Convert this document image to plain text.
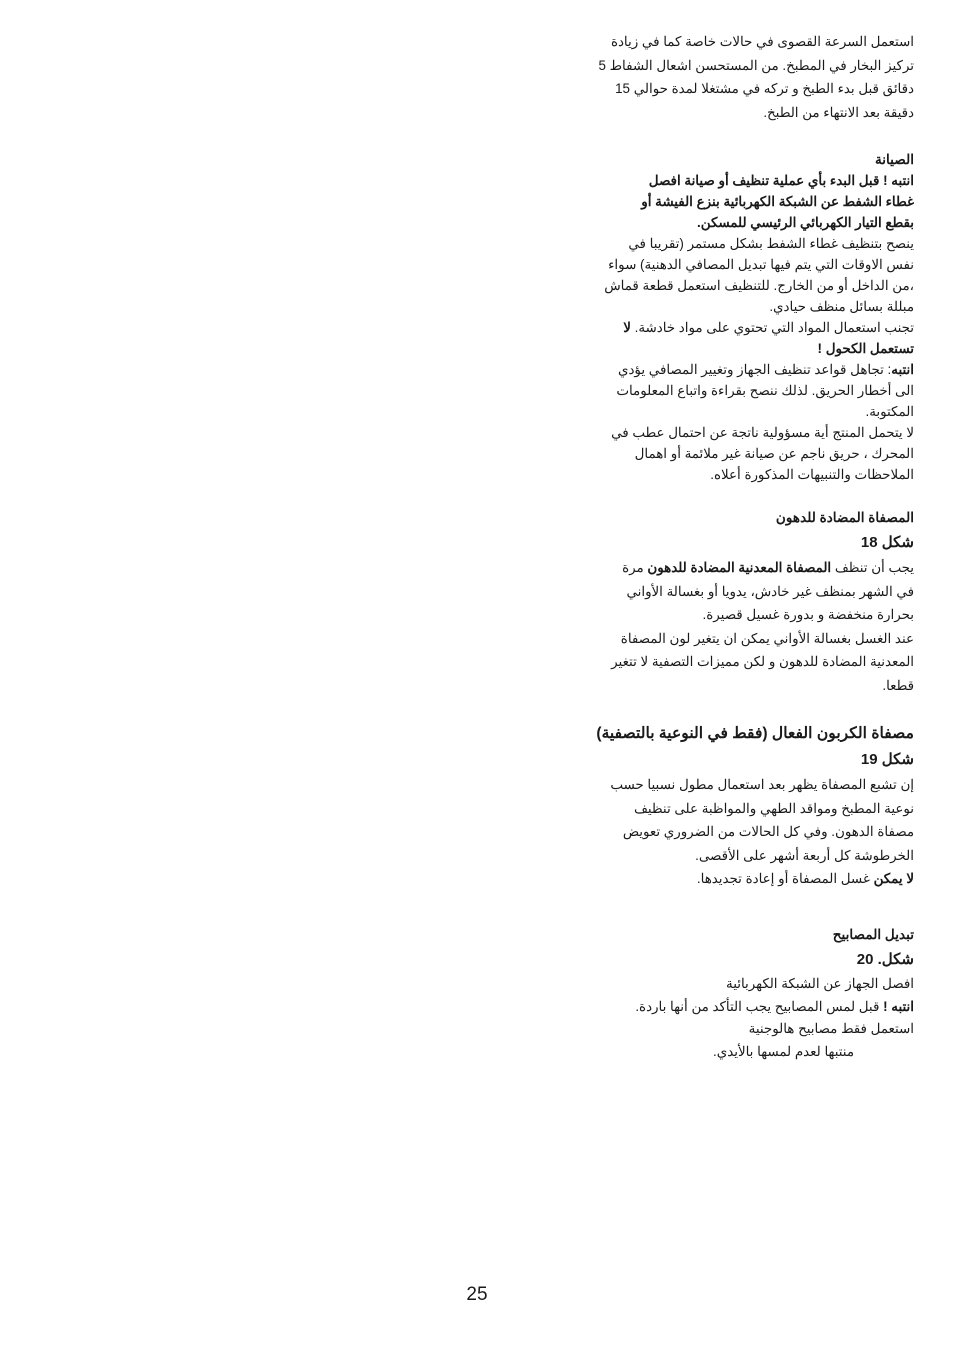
استعمل السرعة القصوى في حالات خاصة كما في زيادة

تركيز البخار في المطبخ. من المستحسن اشعال الشفاط 5

دقائق قبل بدء الطبخ و تركه في مشتغلا لمدة حوالي 15

دقيقة بعد الانتهاء من الطبخ.

الصيانة

انتبه ! قبل البدء بأي عملية تنظيف أو صيانة افصل

غطاء الشفط عن الشبكة الكهربائية بنزع الفيشة أو

بقطع التيار الكهربائي الرئيسي للمسكن.

ينصح بتنظيف غطاء الشفط بشكل مستمر (تقريبا في

نفس الاوقات التي يتم فيها تبديل المصافي الدهنية) سواء

،من الداخل أو من الخارج. للتنظيف استعمل قطعة قماش

مبللة بسائل منظف حيادي.

تجنب استعمال المواد التي تحتوي على مواد خادشة. لا

تستعمل الكحول !

انتبه: تجاهل قواعد تنظيف الجهاز وتغيير المصافي يؤدي

الى أخطار الحريق. لذلك ننصح بقراءة واتباع المعلومات

المكتوبة.

لا يتحمل المنتج أية مسؤولية ناتجة عن احتمال عطب في

المحرك ، حريق ناجم عن صيانة غير ملائمة أو اهمال

الملاحظات والتنبيهات المذكورة أعلاه.

المصفاة المضادة للدهون
شكل 18

يجب أن تنظف المصفاة المعدنية المضادة للدهون مرة

في الشهر بمنظف غير خادش، يدويا أو بغسالة الأواني

بحرارة منخفضة و بدورة غسيل قصيرة.

عند الغسل بغسالة الأواني يمكن ان يتغير لون المصفاة

المعدنية المضادة للدهون و لكن مميزات التصفية لا تتغير

قطعا.

مصفاة الكربون الفعال (فقط في النوعية بالتصفية)
شكل 19

إن تشبع المصفاة يظهر بعد استعمال مطول نسبيا حسب

نوعية المطبخ ومواقد الطهي والمواظبة على تنظيف

مصفاة الدهون. وفي كل الحالات من الضروري تعويض

الخرطوشة كل أربعة أشهر على الأقصى.

لا يمكن غسل المصفاة أو إعادة تجديدها.

تبديل المصابيح
شكل. 20

افصل الجهاز عن الشبكة الكهربائية

انتبه ! قبل لمس المصابيح يجب التأكد من أنها باردة.

استعمل فقط مصابيح هالوجنية

منتبها لعدم لمسها بالأيدي.

25
